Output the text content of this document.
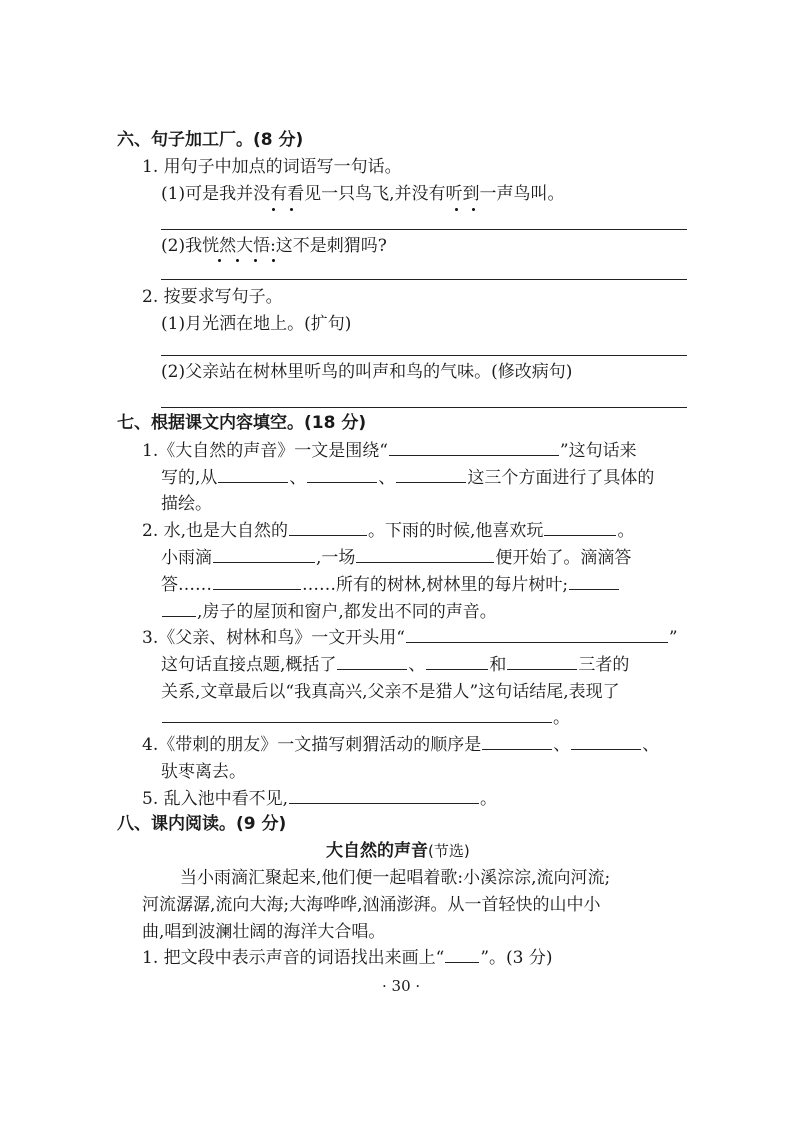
六、句子加工厂。(8 分)
1. 用句子中加点的词语写一句话。
(1)可是我并没有看见一只鸟飞,并没有听到一声鸟叫。
(2)我恍然大悟:这不是刺猬吗?
2. 按要求写句子。
(1)月光洒在地上。(扩句)
(2)父亲站在树林里听鸟的叫声和鸟的气味。(修改病句)
七、根据课文内容填空。(18 分)
1.《大自然的声音》一文是围绕“	”这句话来
写的,从	、	、	这三个方面进行了具体的
描绘。
2. 水,也是大自然的	。下雨的时候,他喜欢玩	。
小雨滴	,一场	便开始了。滴滴答
答……	……所有的树林,树林里的每片树叶;
,房子的屋顶和窗户,都发出不同的声音。
3.《父亲、树林和鸟》一文开头用“	”
这句话直接点题,概括了	、	和	三者的
关系,文章最后以“我真高兴,父亲不是猎人”这句话结尾,表现了
。
4.《带刺的朋友》一文描写刺猬活动的顺序是	、	、
驮枣离去。
5. 乱入池中看不见,	。
八、课内阅读。(9 分)
大自然的声音(节选)
当小雨滴汇聚起来,他们便一起唱着歌:小溪淙淙,流向河流;
河流潺潺,流向大海;大海哗哗,汹涌澎湃。从一首轻快的山中小
曲,唱到波澜壮阔的海洋大合唱。
1. 把文段中表示声音的词语找出来画上“ ”。(3 分)
· 30 ·
